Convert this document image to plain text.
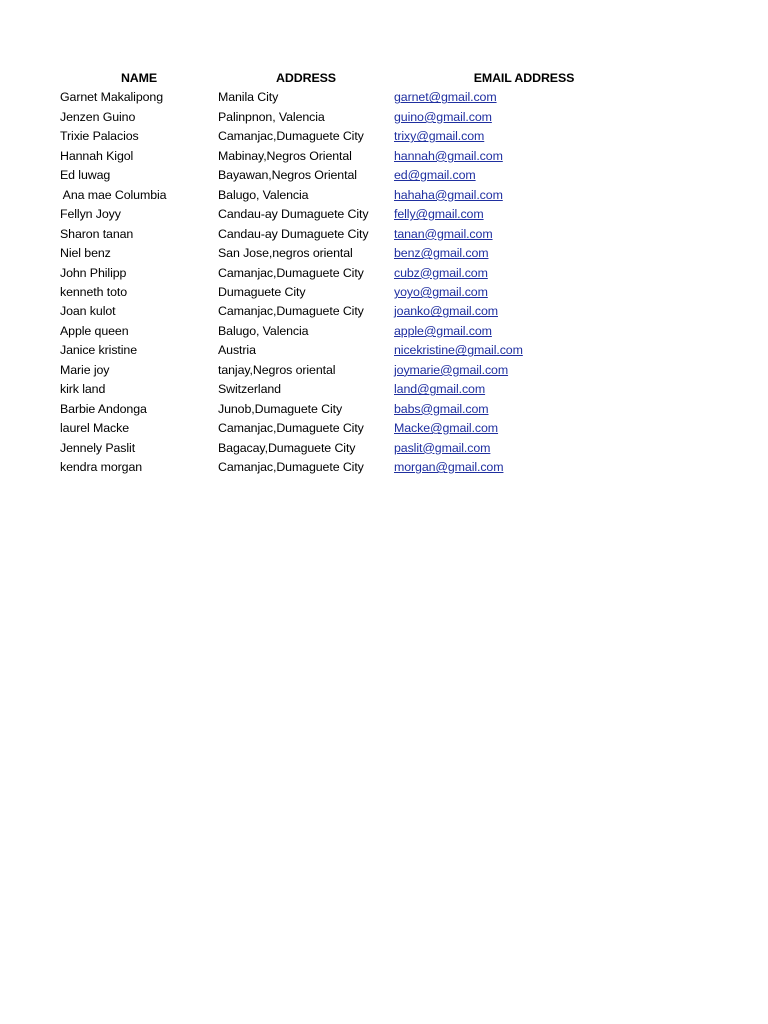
NAME	ADDRESS	EMAIL ADDRESS
Garnet Makalipong	Manila City	garnet@gmail.com
Jenzen Guino	Palinpnon, Valencia	guino@gmail.com
Trixie Palacios	Camanjac,Dumaguete City	trixy@gmail.com
Hannah Kigol	Mabinay,Negros Oriental	hannah@gmail.com
Ed luwag	Bayawan,Negros Oriental	ed@gmail.com
Ana mae Columbia	Balugo, Valencia	hahaha@gmail.com
Fellyn Joyy	Candau-ay Dumaguete City	felly@gmail.com
Sharon tanan	Candau-ay Dumaguete City	tanan@gmail.com
Niel benz	San Jose,negros oriental	benz@gmail.com
John Philipp	Camanjac,Dumaguete City	cubz@gmail.com
kenneth toto	Dumaguete City	yoyo@gmail.com
Joan kulot	Camanjac,Dumaguete City	joanko@gmail.com
Apple queen	Balugo, Valencia	apple@gmail.com
Janice kristine	Austria	nicekristine@gmail.com
Marie joy	tanjay,Negros oriental	joymarie@gmail.com
kirk land	Switzerland	land@gmail.com
Barbie Andonga	Junob,Dumaguete City	babs@gmail.com
laurel Macke	Camanjac,Dumaguete City	Macke@gmail.com
Jennely Paslit	Bagacay,Dumaguete City	paslit@gmail.com
kendra morgan	Camanjac,Dumaguete City	morgan@gmail.com
